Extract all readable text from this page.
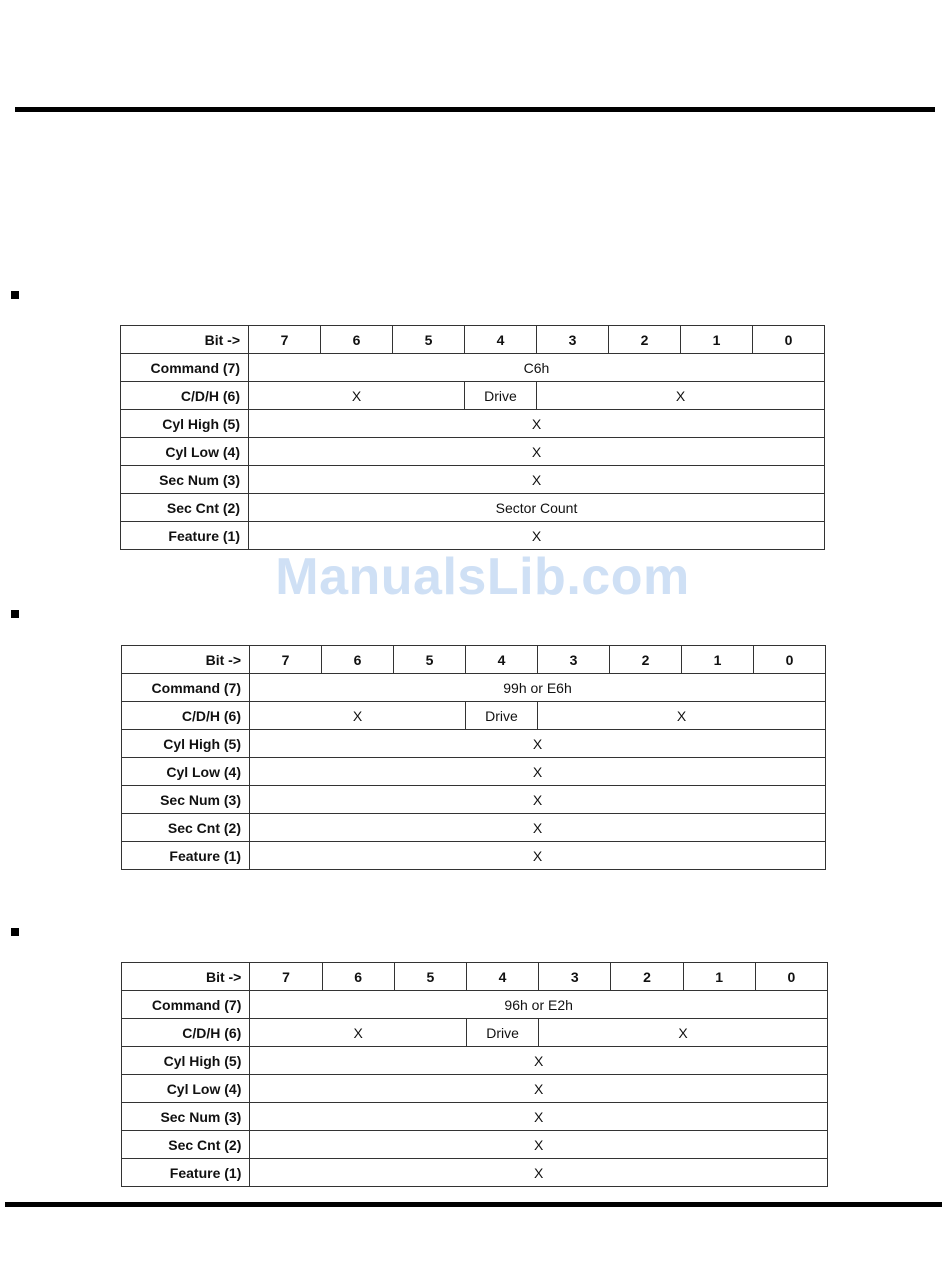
ManualsLib.com
Bit ->	7	6	5	4	3	2	1	0
Command (7)	C6h							
C/D/H (6)	X			Drive	X			
Cyl High (5)	X							
Cyl Low (4)	X							
Sec Num (3)	X							
Sec Cnt (2)	Sector Count							
Feature (1)	X							
Bit ->	7	6	5	4	3	2	1	0
Command (7)	99h or E6h							
C/D/H (6)	X			Drive	X			
Cyl High (5)	X							
Cyl Low (4)	X							
Sec Num (3)	X							
Sec Cnt (2)	X							
Feature (1)	X							
Bit ->	7	6	5	4	3	2	1	0
Command (7)	96h or E2h							
C/D/H (6)	X			Drive	X			
Cyl High (5)	X							
Cyl Low (4)	X							
Sec Num (3)	X							
Sec Cnt (2)	X							
Feature (1)	X							
